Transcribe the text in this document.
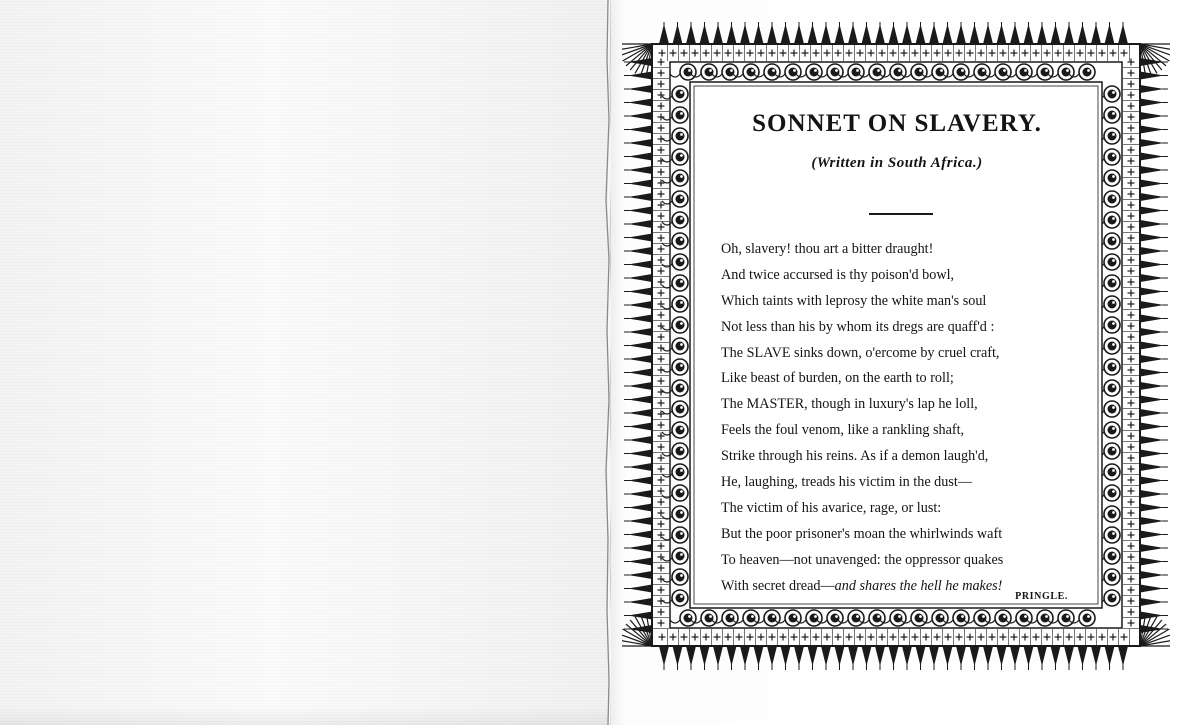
SONNET ON SLAVERY.
(Written in South Africa.)
Oh, slavery! thou art a bitter draught!
And twice accursed is thy poison'd bowl,
Which taints with leprosy the white man's soul
Not less than his by whom its dregs are quaff'd :
The SLAVE sinks down, o'ercome by cruel craft,
Like beast of burden, on the earth to roll;
The MASTER, though in luxury's lap he loll,
Feels the foul venom, like a rankling shaft,
Strike through his reins. As if a demon laugh'd,
He, laughing, treads his victim in the dust—
The victim of his avarice, rage, or lust:
But the poor prisoner's moan the whirlwinds waft
To heaven—not unavenged: the oppressor quakes
With secret dread—and shares the hell he makes!
PRINGLE.
